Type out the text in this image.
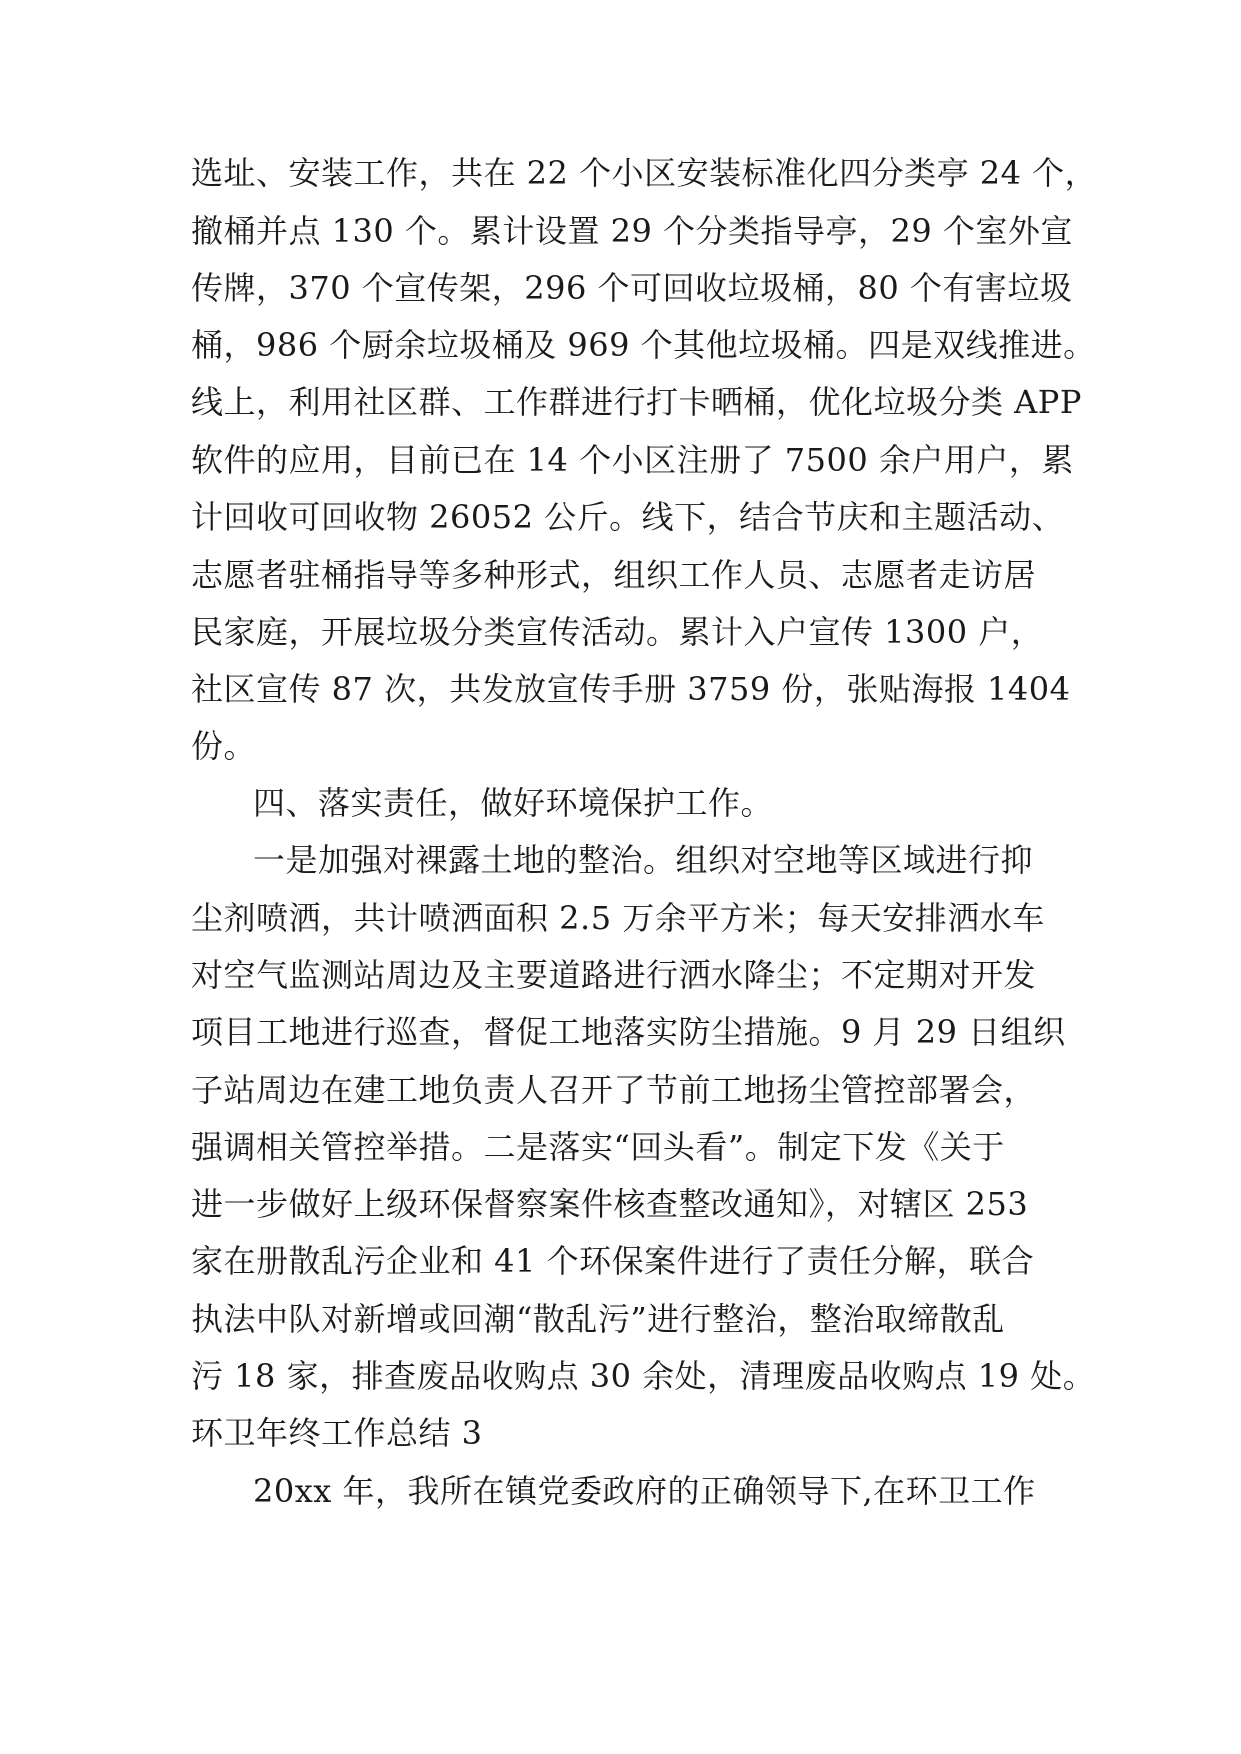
选址、安装工作，共在 22 个小区安装标准化四分类亭 24 个，
撤桶并点 130 个。累计设置 29 个分类指导亭，29 个室外宣
传牌，370 个宣传架，296 个可回收垃圾桶，80 个有害垃圾
桶，986 个厨余垃圾桶及 969 个其他垃圾桶。四是双线推进。
线上，利用社区群、工作群进行打卡晒桶，优化垃圾分类 APP
软件的应用，目前已在 14 个小区注册了 7500 余户用户，累
计回收可回收物 26052 公斤。线下，结合节庆和主题活动、
志愿者驻桶指导等多种形式，组织工作人员、志愿者走访居
民家庭，开展垃圾分类宣传活动。累计入户宣传 1300 户，
社区宣传 87 次，共发放宣传手册 3759 份，张贴海报 1404
份。
四、落实责任，做好环境保护工作。
一是加强对裸露土地的整治。组织对空地等区域进行抑
尘剂喷洒，共计喷洒面积 2.5 万余平方米；每天安排洒水车
对空气监测站周边及主要道路进行洒水降尘；不定期对开发
项目工地进行巡查，督促工地落实防尘措施。9 月 29 日组织
子站周边在建工地负责人召开了节前工地扬尘管控部署会，
强调相关管控举措。二是落实“回头看”。制定下发《关于
进一步做好上级环保督察案件核查整改通知》，对辖区 253
家在册散乱污企业和 41 个环保案件进行了责任分解，联合
执法中队对新增或回潮“散乱污”进行整治，整治取缔散乱
污 18 家，排查废品收购点 30 余处，清理废品收购点 19 处。
环卫年终工作总结 3
20xx 年，我所在镇党委政府的正确领导下,在环卫工作
